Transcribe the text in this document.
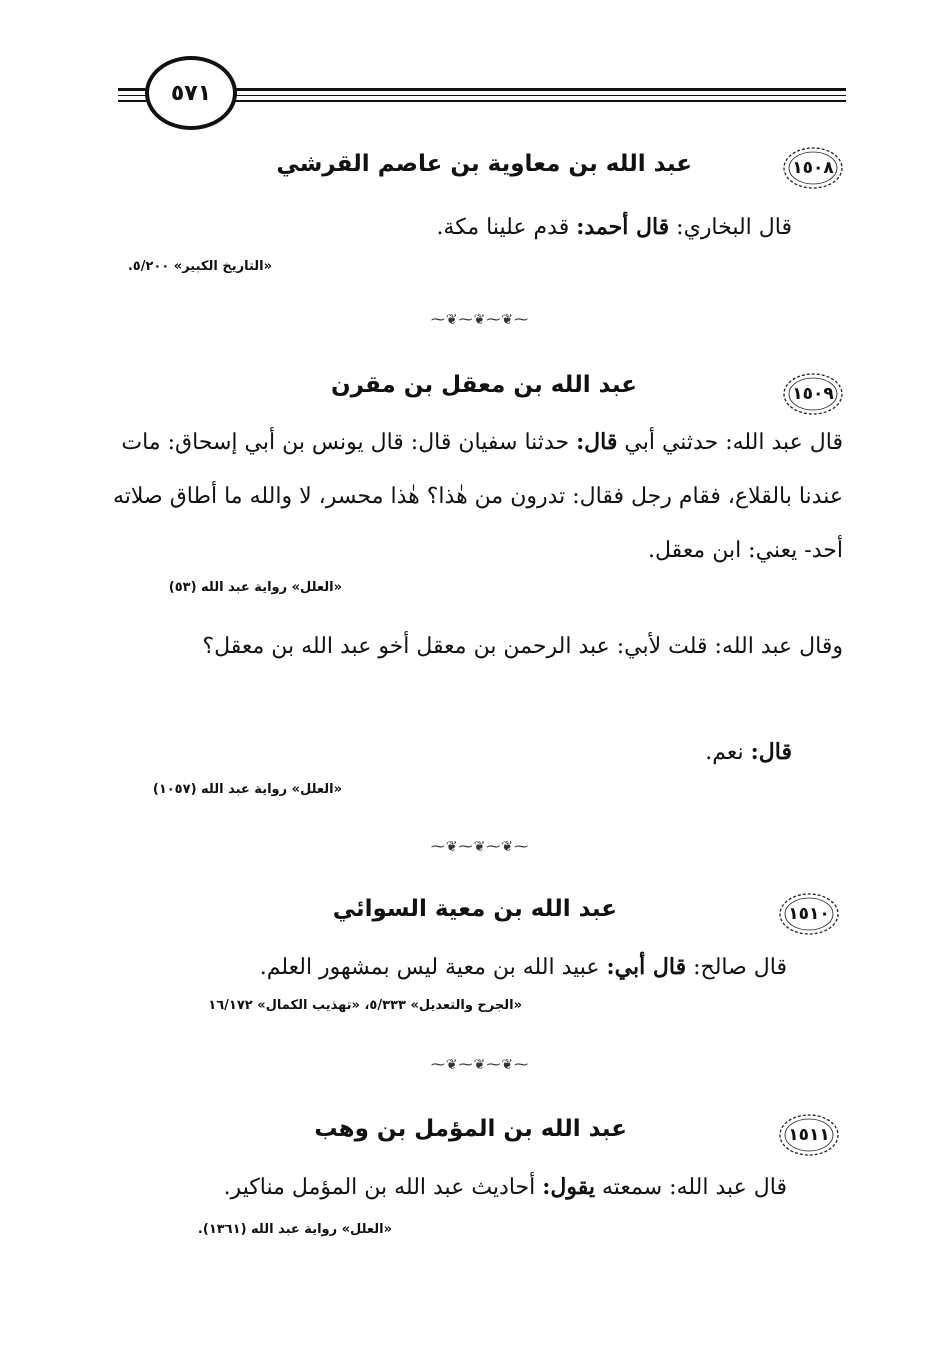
٥٧١
١٥٠٨
عبد الله بن معاوية بن عاصم القرشي
قال البخاري: قال أحمد: قدم علينا مكة.
«التاريخ الكبير» ٥/٢٠٠.
⁓❦⁓❦⁓❦⁓
١٥٠٩
عبد الله بن معقل بن مقرن
قال عبد الله: حدثني أبي قال: حدثنا سفيان قال: قال يونس بن أبي إسحاق: مات عندنا بالقلاع، فقام رجل فقال: تدرون من هٰذا؟ هٰذا محسر، لا والله ما أطاق صلاته أحد- يعني: ابن معقل.
«العلل» رواية عبد الله (٥٣)
وقال عبد الله: قلت لأبي: عبد الرحمن بن معقل أخو عبد الله بن معقل؟
قال: نعم.
«العلل» رواية عبد الله (١٠٥٧)
⁓❦⁓❦⁓❦⁓
١٥١٠
عبد الله بن معية السوائي
قال صالح: قال أبي: عبيد الله بن معية ليس بمشهور العلم.
«الجرح والتعديل» ٥/٣٣٣، «تهذيب الكمال» ١٦/١٧٢
⁓❦⁓❦⁓❦⁓
١٥١١
عبد الله بن المؤمل بن وهب
قال عبد الله: سمعته يقول: أحاديث عبد الله بن المؤمل مناكير.
«العلل» رواية عبد الله (١٣٦١).
